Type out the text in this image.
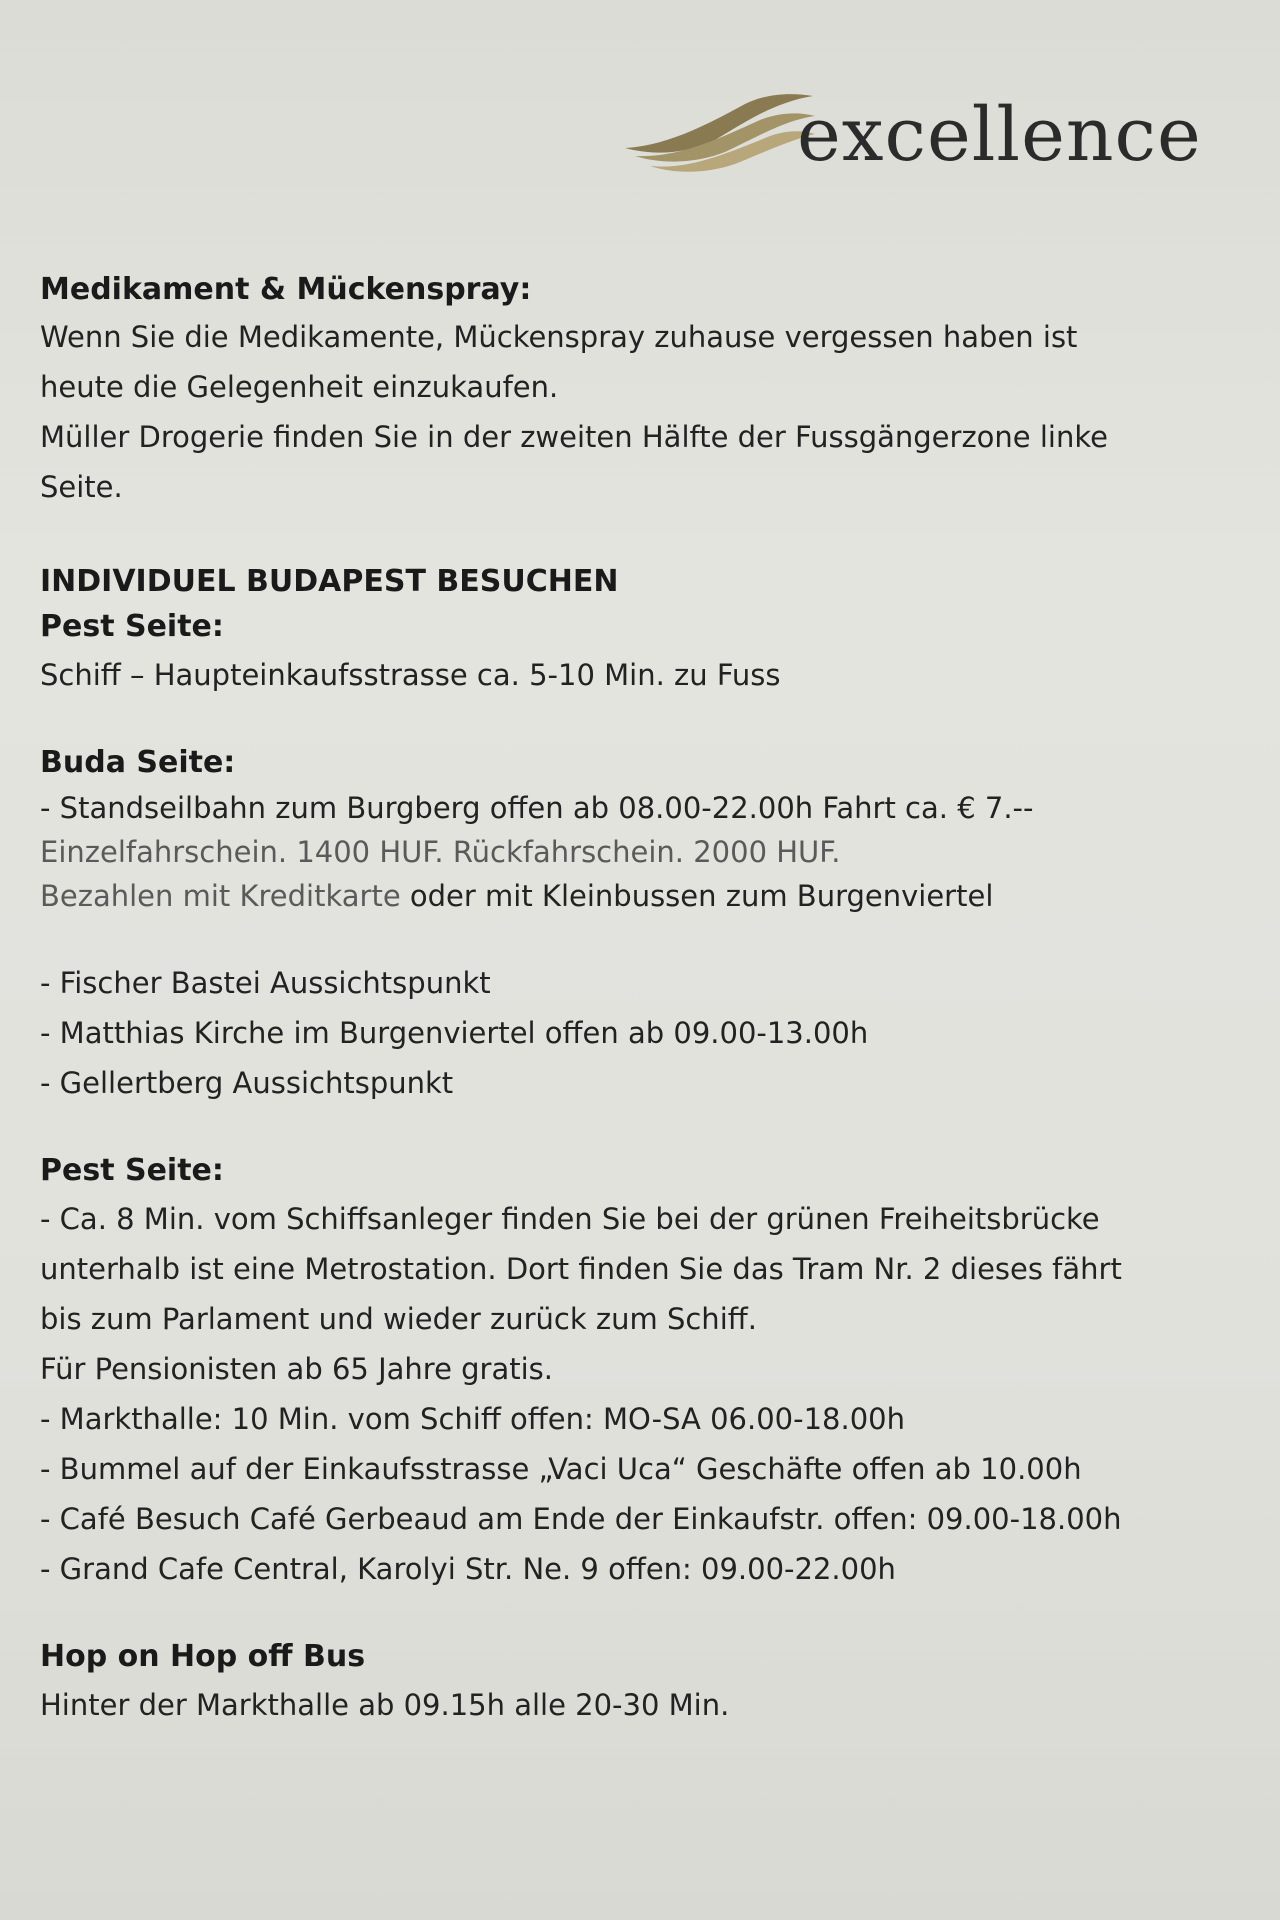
excellence
Medikament & Mückenspray:
Wenn Sie die Medikamente, Mückenspray zuhause vergessen haben ist
heute die Gelegenheit einzukaufen.
Müller Drogerie finden Sie in der zweiten Hälfte der Fussgängerzone linke
Seite.
INDIVIDUEL BUDAPEST BESUCHEN
Pest Seite:
Schiff – Haupteinkaufsstrasse ca. 5-10 Min. zu Fuss
Buda Seite:
- Standseilbahn zum Burgberg offen ab 08.00-22.00h Fahrt ca. € 7.--
Einzelfahrschein. 1400 HUF. Rückfahrschein. 2000 HUF.
Bezahlen mit Kreditkarte oder mit Kleinbussen zum Burgenviertel
- Fischer Bastei Aussichtspunkt
- Matthias Kirche im Burgenviertel offen ab 09.00-13.00h
- Gellertberg Aussichtspunkt
Pest Seite:
- Ca. 8 Min. vom Schiffsanleger finden Sie bei der grünen Freiheitsbrücke
unterhalb ist eine Metrostation. Dort finden Sie das Tram Nr. 2 dieses fährt
bis zum Parlament und wieder zurück zum Schiff.
Für Pensionisten ab 65 Jahre gratis.
- Markthalle: 10 Min. vom Schiff offen: MO-SA 06.00-18.00h
- Bummel auf der Einkaufsstrasse „Vaci Uca“ Geschäfte offen ab 10.00h
- Café Besuch Café Gerbeaud am Ende der Einkaufstr. offen: 09.00-18.00h
- Grand Cafe Central, Karolyi Str. Ne. 9 offen: 09.00-22.00h
Hop on Hop off Bus
Hinter der Markthalle ab 09.15h alle 20-30 Min.
